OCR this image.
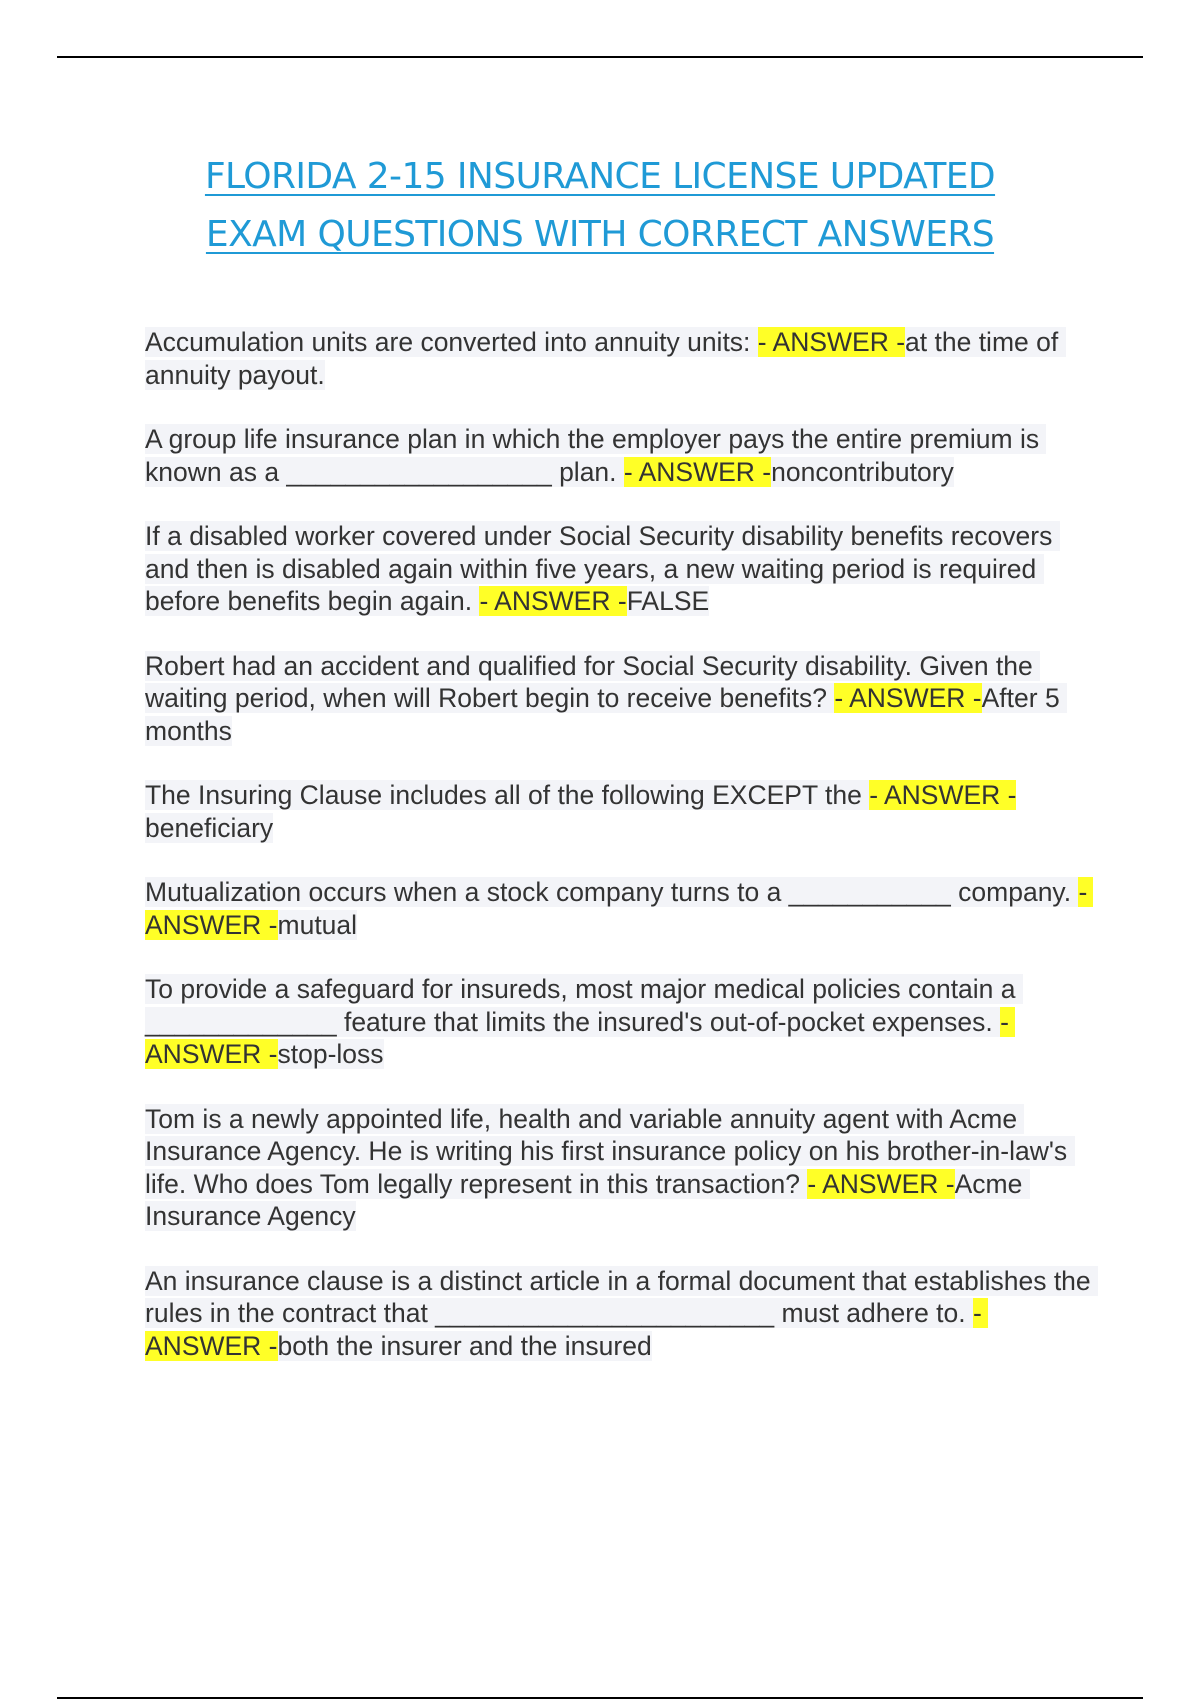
FLORIDA 2-15 INSURANCE LICENSE UPDATED EXAM QUESTIONS WITH CORRECT ANSWERS

Accumulation units are converted into annuity units: - ANSWER -at the time of annuity payout.

A group life insurance plan in which the employer pays the entire premium is known as a __________________ plan. - ANSWER -noncontributory

If a disabled worker covered under Social Security disability benefits recovers and then is disabled again within five years, a new waiting period is required before benefits begin again. - ANSWER -FALSE

Robert had an accident and qualified for Social Security disability. Given the waiting period, when will Robert begin to receive benefits? - ANSWER -After 5 months

The Insuring Clause includes all of the following EXCEPT the - ANSWER -beneficiary

Mutualization occurs when a stock company turns to a ___________ company. - ANSWER -mutual

To provide a safeguard for insureds, most major medical policies contain a _____________ feature that limits the insured's out-of-pocket expenses. - ANSWER -stop-loss

Tom is a newly appointed life, health and variable annuity agent with Acme Insurance Agency. He is writing his first insurance policy on his brother-in-law's life. Who does Tom legally represent in this transaction? - ANSWER -Acme Insurance Agency

An insurance clause is a distinct article in a formal document that establishes the rules in the contract that _______________________ must adhere to. - ANSWER -both the insurer and the insured
